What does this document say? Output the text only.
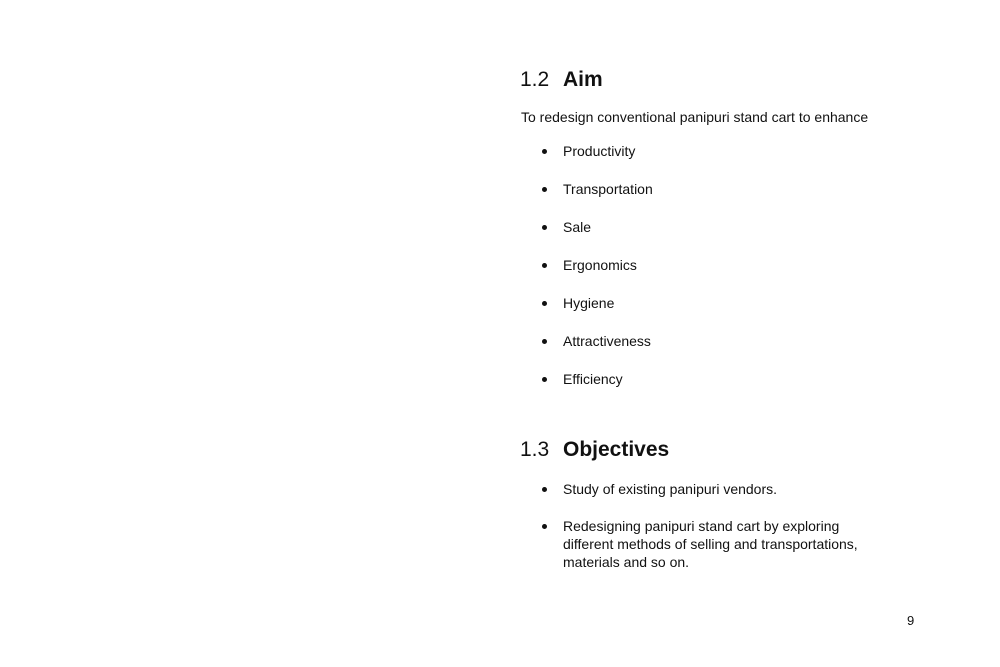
1.2 Aim

To redesign conventional panipuri stand cart to enhance

Productivity
Transportation
Sale
Ergonomics
Hygiene
Attractiveness
Efficiency
1.3 Objectives
Study of existing panipuri vendors.
Redesigning panipuri stand cart by exploring different methods of selling and transportations, materials and so on.
9
